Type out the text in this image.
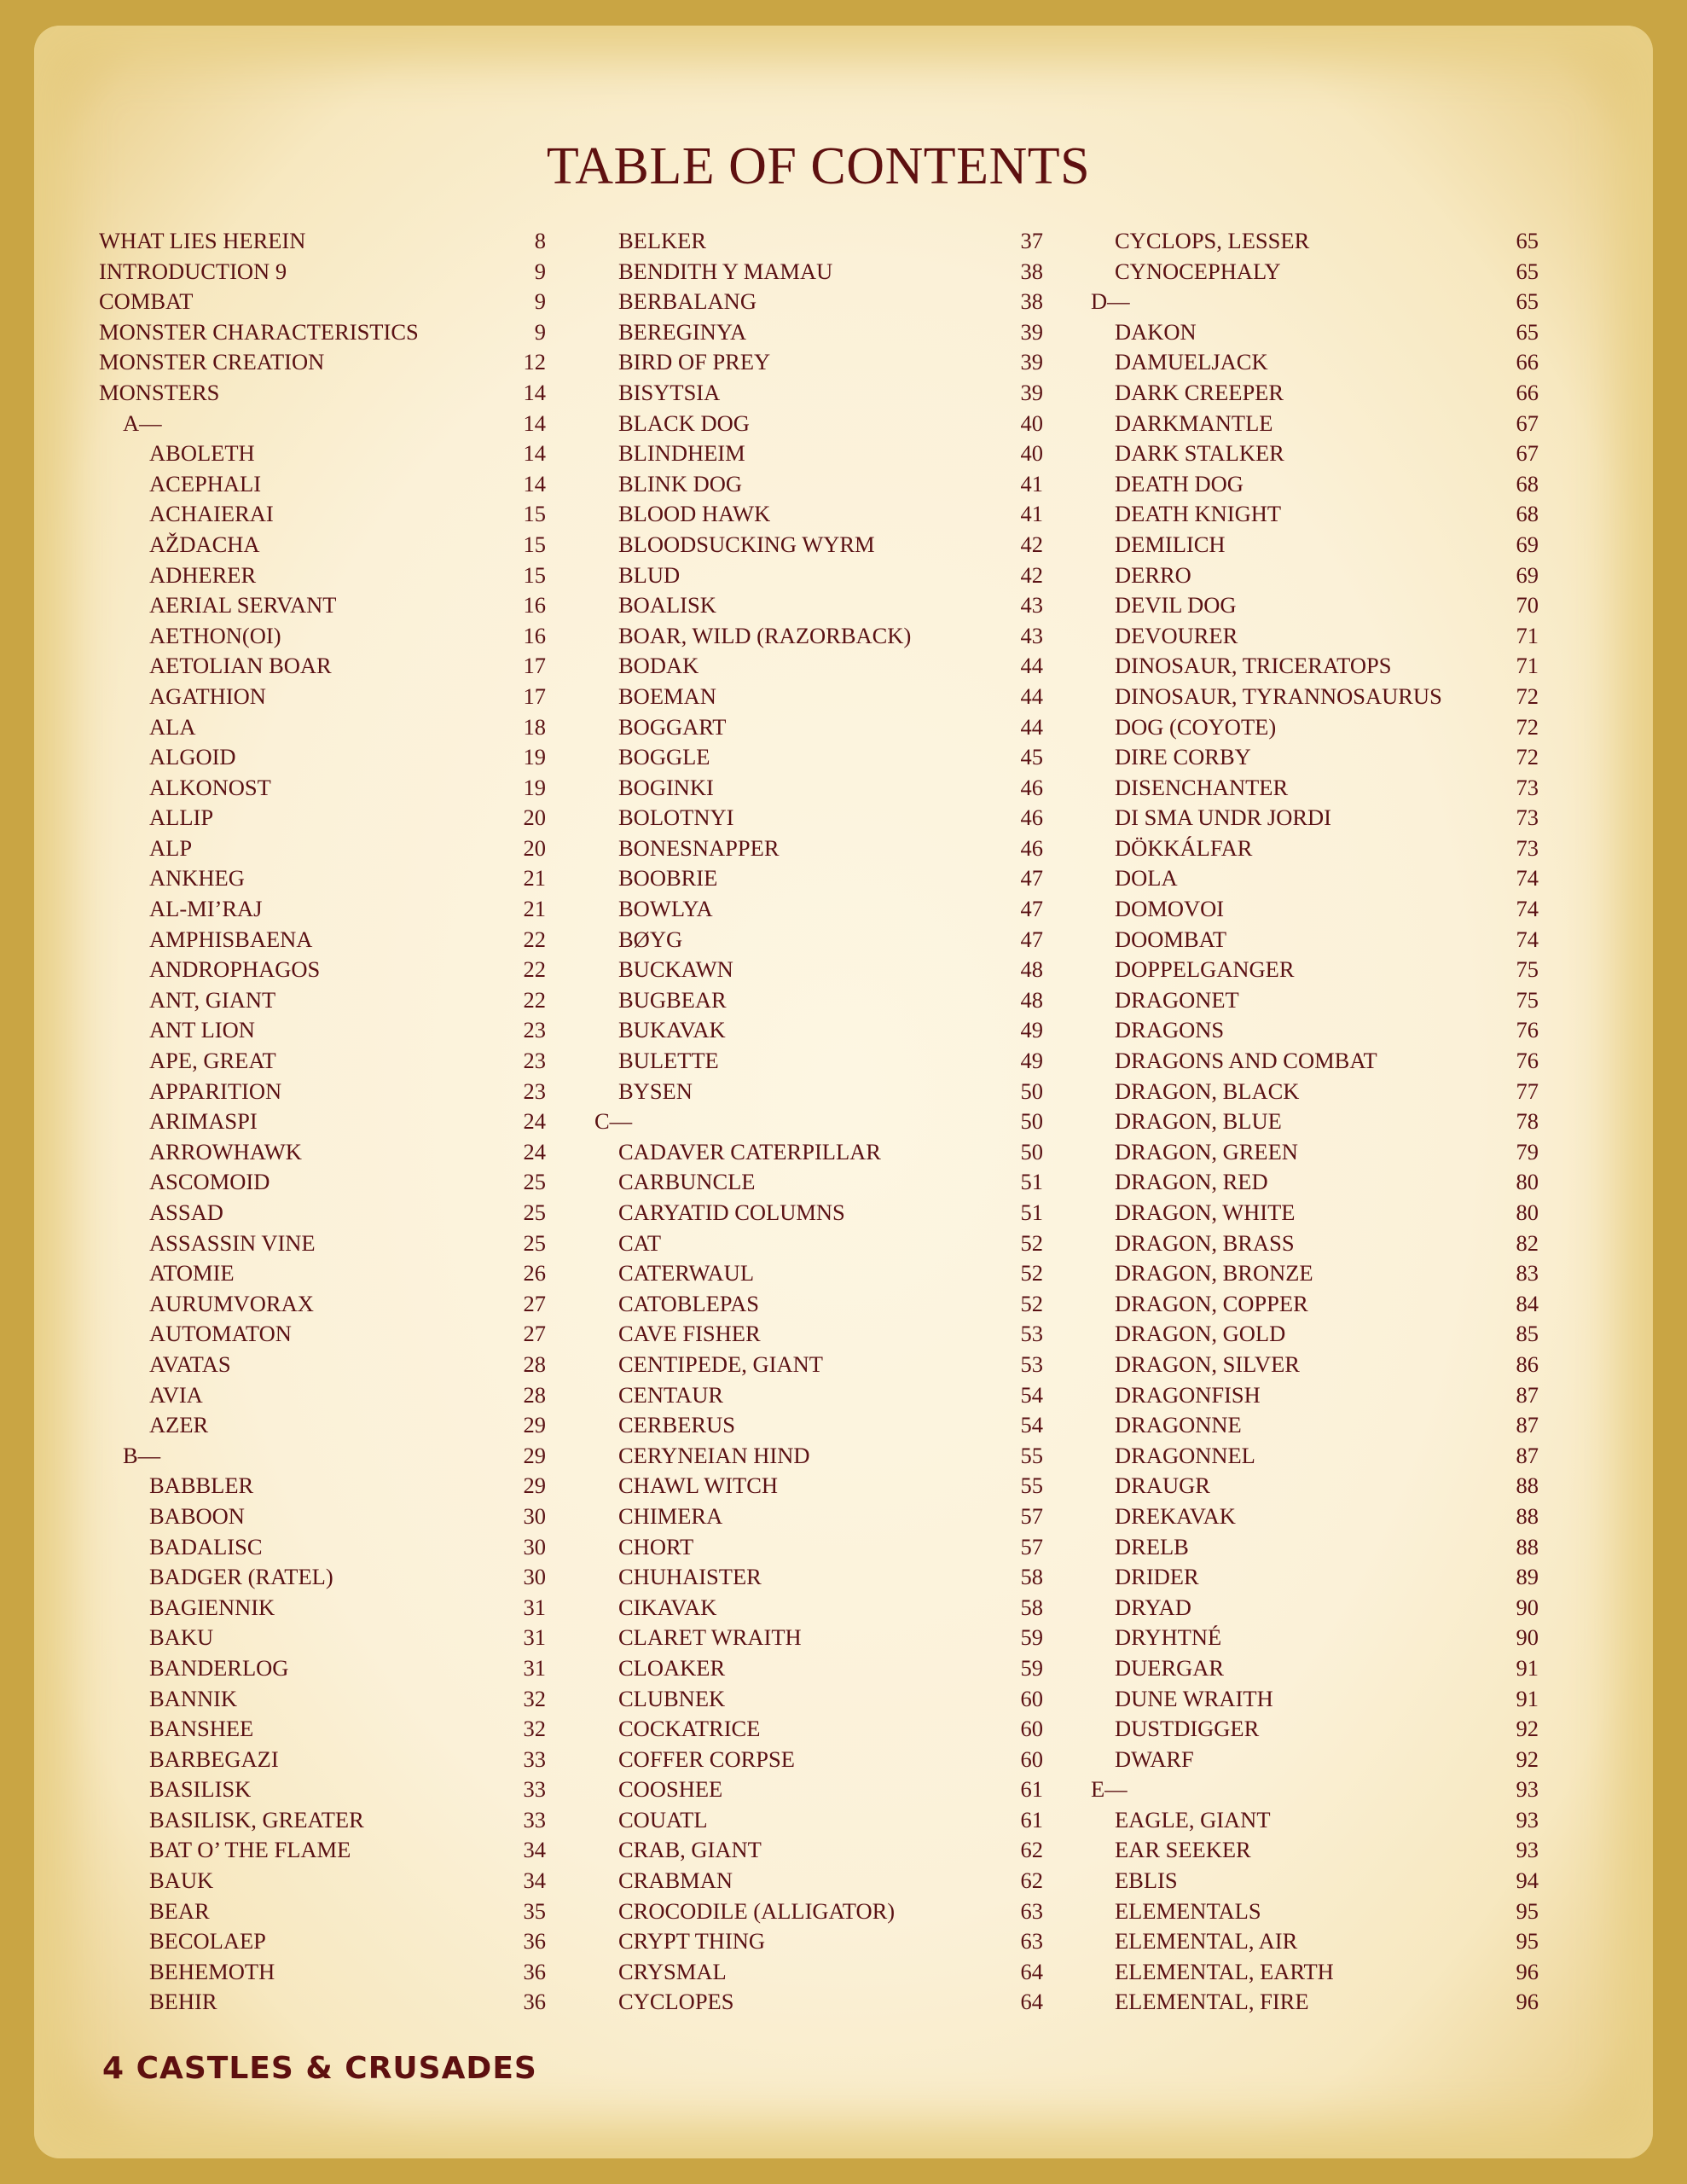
TABLE OF CONTENTS
WHAT LIES HEREIN	8
INTRODUCTION 9	9
COMBAT	9
MONSTER CHARACTERISTICS	9
MONSTER CREATION	12
MONSTERS	14
A—	14
ABOLETH	14
ACEPHALI	14
ACHAIERAI	15
AŽDACHA	15
ADHERER	15
AERIAL SERVANT	16
AETHON(OI)	16
AETOLIAN BOAR	17
AGATHION	17
ALA	18
ALGOID	19
ALKONOST	19
ALLIP	20
ALP	20
ANKHEG	21
AL-MI’RAJ	21
AMPHISBAENA	22
ANDROPHAGOS	22
ANT, GIANT	22
ANT LION	23
APE, GREAT	23
APPARITION	23
ARIMASPI	24
ARROWHAWK	24
ASCOMOID	25
ASSAD	25
ASSASSIN VINE	25
ATOMIE	26
AURUMVORAX	27
AUTOMATON	27
AVATAS	28
AVIA	28
AZER	29
B—	29
BABBLER	29
BABOON	30
BADALISC	30
BADGER (RATEL)	30
BAGIENNIK	31
BAKU	31
BANDERLOG	31
BANNIK	32
BANSHEE	32
BARBEGAZI	33
BASILISK	33
BASILISK, GREATER	33
BAT O’ THE FLAME	34
BAUK	34
BEAR	35
BECOLAEP	36
BEHEMOTH	36
BEHIR	36
BELKER	37
BENDITH Y MAMAU	38
BERBALANG	38
BEREGINYA	39
BIRD OF PREY	39
BISYTSIA	39
BLACK DOG	40
BLINDHEIM	40
BLINK DOG	41
BLOOD HAWK	41
BLOODSUCKING WYRM	42
BLUD	42
BOALISK	43
BOAR, WILD (RAZORBACK)	43
BODAK	44
BOEMAN	44
BOGGART	44
BOGGLE	45
BOGINKI	46
BOLOTNYI	46
BONESNAPPER	46
BOOBRIE	47
BOWLYA	47
BØYG	47
BUCKAWN	48
BUGBEAR	48
BUKAVAK	49
BULETTE	49
BYSEN	50
C—	50
CADAVER CATERPILLAR	50
CARBUNCLE	51
CARYATID COLUMNS	51
CAT	52
CATERWAUL	52
CATOBLEPAS	52
CAVE FISHER	53
CENTIPEDE, GIANT	53
CENTAUR	54
CERBERUS	54
CERYNEIAN HIND	55
CHAWL WITCH	55
CHIMERA	57
CHORT	57
CHUHAISTER	58
CIKAVAK	58
CLARET WRAITH	59
CLOAKER	59
CLUBNEK	60
COCKATRICE	60
COFFER CORPSE	60
COOSHEE	61
COUATL	61
CRAB, GIANT	62
CRABMAN	62
CROCODILE (ALLIGATOR)	63
CRYPT THING	63
CRYSMAL	64
CYCLOPES	64
CYCLOPS, LESSER	65
CYNOCEPHALY	65
D—	65
DAKON	65
DAMUELJACK	66
DARK CREEPER	66
DARKMANTLE	67
DARK STALKER	67
DEATH DOG	68
DEATH KNIGHT	68
DEMILICH	69
DERRO	69
DEVIL DOG	70
DEVOURER	71
DINOSAUR, TRICERATOPS	71
DINOSAUR, TYRANNOSAURUS	72
DOG (COYOTE)	72
DIRE CORBY	72
DISENCHANTER	73
DI SMA UNDR JORDI	73
DÖKKÁLFAR	73
DOLA	74
DOMOVOI	74
DOOMBAT	74
DOPPELGANGER	75
DRAGONET	75
DRAGONS	76
DRAGONS AND COMBAT	76
DRAGON, BLACK	77
DRAGON, BLUE	78
DRAGON, GREEN	79
DRAGON, RED	80
DRAGON, WHITE	80
DRAGON, BRASS	82
DRAGON, BRONZE	83
DRAGON, COPPER	84
DRAGON, GOLD	85
DRAGON, SILVER	86
DRAGONFISH	87
DRAGONNE	87
DRAGONNEL	87
DRAUGR	88
DREKAVAK	88
DRELB	88
DRIDER	89
DRYAD	90
DRYHTNÉ	90
DUERGAR	91
DUNE WRAITH	91
DUSTDIGGER	92
DWARF	92
E—	93
EAGLE, GIANT	93
EAR SEEKER	93
EBLIS	94
ELEMENTALS	95
ELEMENTAL, AIR	95
ELEMENTAL, EARTH	96
ELEMENTAL, FIRE	96
4 CASTLES & CRUSADES
